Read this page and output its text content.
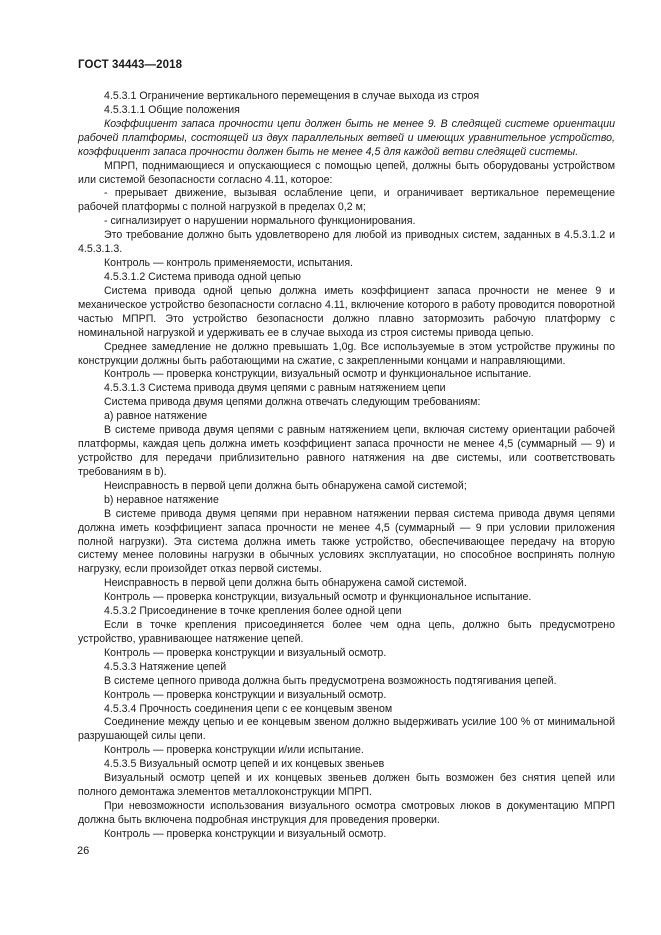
ГОСТ 34443—2018

4.5.3.1 Ограничение вертикального перемещения в случае выхода из строя

4.5.3.1.1 Общие положения

Коэффициент запаса прочности цепи должен быть не менее 9. В следящей системе ориентации рабочей платформы, состоящей из двух параллельных ветвей и имеющих уравнительное устройство, коэффициент запаса прочности должен быть не менее 4,5 для каждой ветви следящей системы.

МПРП, поднимающиеся и опускающиеся с помощью цепей, должны быть оборудованы устройством или системой безопасности согласно 4.11, которое:

- прерывает движение, вызывая ослабление цепи, и ограничивает вертикальное перемещение рабочей платформы с полной нагрузкой в пределах 0,2 м;

- сигнализирует о нарушении нормального функционирования.

Это требование должно быть удовлетворено для любой из приводных систем, заданных в 4.5.3.1.2 и 4.5.3.1.3.

Контроль — контроль применяемости, испытания.

4.5.3.1.2 Система привода одной цепью

Система привода одной цепью должна иметь коэффициент запаса прочности не менее 9 и механическое устройство безопасности согласно 4.11, включение которого в работу проводится поворотной частью МПРП. Это устройство безопасности должно плавно затормозить рабочую платформу с номинальной нагрузкой и удерживать ее в случае выхода из строя системы привода цепью.

Среднее замедление не должно превышать 1,0g. Все используемые в этом устройстве пружины по конструкции должны быть работающими на сжатие, с закрепленными концами и направляющими.

Контроль — проверка конструкции, визуальный осмотр и функциональное испытание.

4.5.3.1.3 Система привода двумя цепями с равным натяжением цепи

Система привода двумя цепями должна отвечать следующим требованиям:

а) равное натяжение

В системе привода двумя цепями с равным натяжением цепи, включая систему ориентации рабочей платформы, каждая цепь должна иметь коэффициент запаса прочности не менее 4,5 (суммарный — 9) и устройство для передачи приблизительно равного натяжения на две системы, или соответствовать требованиям в b).

Неисправность в первой цепи должна быть обнаружена самой системой;

b) неравное натяжение

В системе привода двумя цепями при неравном натяжении первая система привода двумя цепями должна иметь коэффициент запаса прочности не менее 4,5 (суммарный — 9 при условии приложения полной нагрузки). Эта система должна иметь также устройство, обеспечивающее передачу на вторую систему менее половины нагрузки в обычных условиях эксплуатации, но способное воспринять полную нагрузку, если произойдет отказ первой системы.

Неисправность в первой цепи должна быть обнаружена самой системой.

Контроль — проверка конструкции, визуальный осмотр и функциональное испытание.

4.5.3.2 Присоединение в точке крепления более одной цепи

Если в точке крепления присоединяется более чем одна цепь, должно быть предусмотрено устройство, уравнивающее натяжение цепей.

Контроль — проверка конструкции и визуальный осмотр.

4.5.3.3 Натяжение цепей

В системе цепного привода должна быть предусмотрена возможность подтягивания цепей.

Контроль — проверка конструкции и визуальный осмотр.

4.5.3.4 Прочность соединения цепи с ее концевым звеном

Соединение между цепью и ее концевым звеном должно выдерживать усилие 100 % от минимальной разрушающей силы цепи.

Контроль — проверка конструкции и/или испытание.

4.5.3.5 Визуальный осмотр цепей и их концевых звеньев

Визуальный осмотр цепей и их концевых звеньев должен быть возможен без снятия цепей или полного демонтажа элементов металлоконструкции МПРП.

При невозможности использования визуального осмотра смотровых люков в документацию МПРП должна быть включена подробная инструкция для проведения проверки.

Контроль — проверка конструкции и визуальный осмотр.

26
